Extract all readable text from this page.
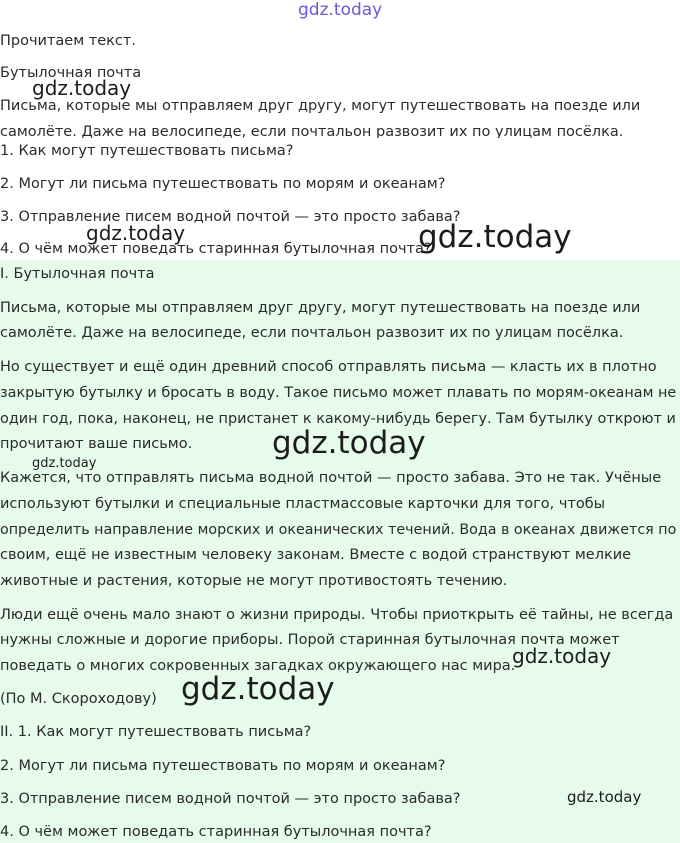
Прочитаем текст.
Бутылочная почта
Письма, которые мы отправляем друг другу, могут путешествовать на поезде или
самолёте. Даже на велосипеде, если почтальон развозит их по улицам посёлка.
1. Как могут путешествовать письма?
2. Могут ли письма путешествовать по морям и океанам?
3. Отправление писем водной почтой — это просто забава?
4. О чём может поведать старинная бутылочная почта?
I. Бутылочная почта
Письма, которые мы отправляем друг другу, могут путешествовать на поезде или
самолёте. Даже на велосипеде, если почтальон развозит их по улицам посёлка.
Но существует и ещё один древний способ отправлять письма — класть их в плотно
закрытую бутылку и бросать в воду. Такое письмо может плавать по морям-океанам не
один год, пока, наконец, не пристанет к какому-нибудь берегу. Там бутылку откроют и
прочитают ваше письмо.
Кажется, что отправлять письма водной почтой — просто забава. Это не так. Учёные
используют бутылки и специальные пластмассовые карточки для того, чтобы
определить направление морских и океанических течений. Вода в океанах движется по
своим, ещё не известным человеку законам. Вместе с водой странствуют мелкие
животные и растения, которые не могут противостоять течению.
Люди ещё очень мало знают о жизни природы. Чтобы приоткрыть её тайны, не всегда
нужны сложные и дорогие приборы. Порой старинная бутылочная почта может
поведать о многих сокровенных загадках окружающего нас мира.
(По М. Скороходову)
II. 1. Как могут путешествовать письма?
2. Могут ли письма путешествовать по морям и океанам?
3. Отправление писем водной почтой — это просто забава?
4. О чём может поведать старинная бутылочная почта?
gdz.today
gdz.today
gdz.today	gdz.today
gdz.today
gdz.today
gdz.today
gdz.today
gdz.today
